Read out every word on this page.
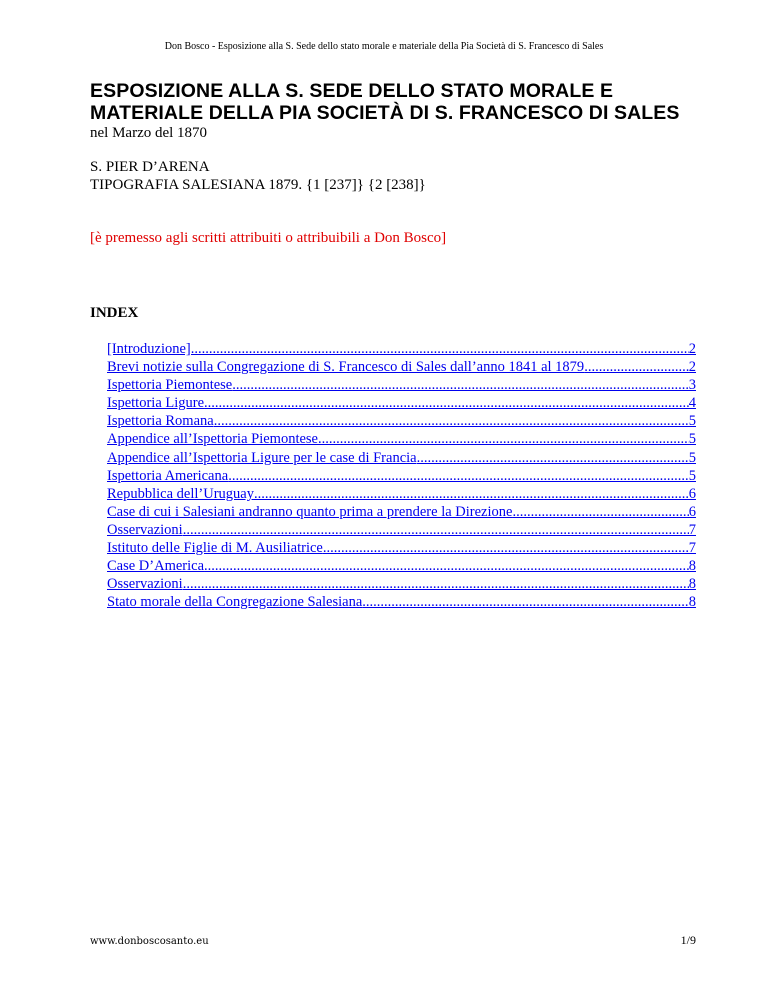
Don Bosco - Esposizione alla S. Sede dello stato morale e materiale della Pia Società di S. Francesco di Sales
ESPOSIZIONE ALLA S. SEDE DELLO STATO MORALE E MATERIALE DELLA PIA SOCIETÀ DI S. FRANCESCO DI SALES
nel Marzo del 1870
S. PIER D’ARENA
TIPOGRAFIA SALESIANA 1879. {1 [237]} {2 [238]}
[è premesso agli scritti attribuiti o attribuibili a Don Bosco]
INDEX
[Introduzione] .....	2
Brevi notizie sulla Congregazione di S. Francesco di Sales dall’anno 1841 al 1879 .....	2
Ispettoria Piemontese .....	3
Ispettoria Ligure .....	4
Ispettoria Romana .....	5
Appendice all’Ispettoria Piemontese .....	5
Appendice all’Ispettoria Ligure per le case di Francia .....	5
Ispettoria Americana .....	5
Repubblica dell’Uruguay .....	6
Case di cui i Salesiani andranno quanto prima a prendere la Direzione .....	6
Osservazioni .....	7
Istituto delle Figlie di M. Ausiliatrice .....	7
Case D’America .....	8
Osservazioni .....	8
Stato morale della Congregazione Salesiana .....	8
www.donboscosanto.eu	1/9
